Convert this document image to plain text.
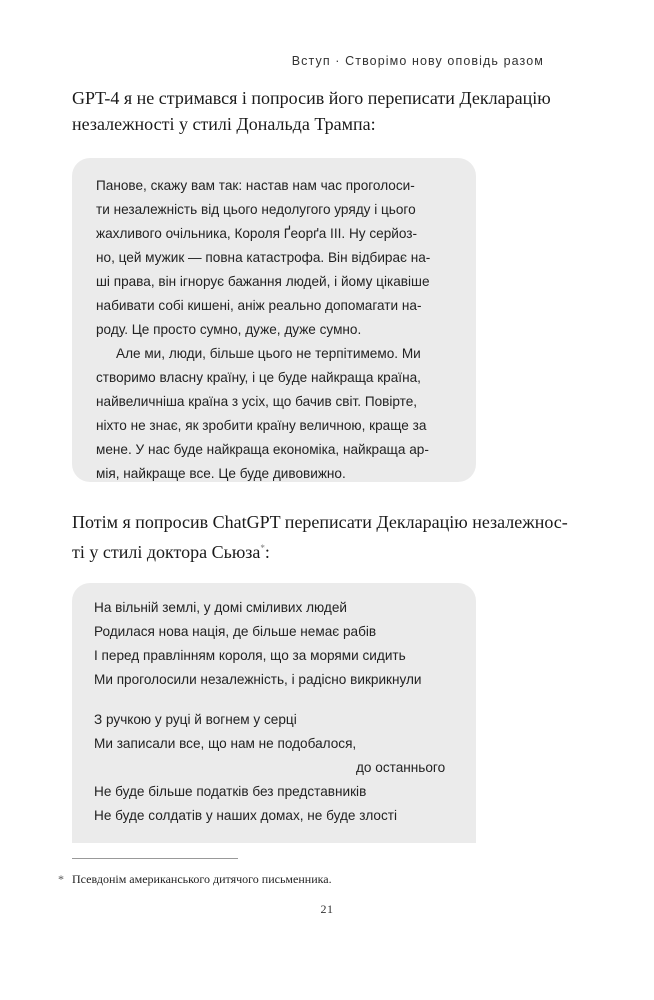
Вступ · Створімо нову оповідь разом
GPT-4 я не стримався і попросив його переписати Декларацію
незалежності у стилі Дональда Трампа:
Панове, скажу вам так: настав нам час проголоси-
ти незалежність від цього недолугого уряду і цього
жахливого очільника, Короля Ґеорґа III. Ну серйоз-
но, цей мужик — повна катастрофа. Він відбирає на-
ші права, він ігнорує бажання людей, і йому цікавіше
набивати собі кишені, аніж реально допомагати на-
роду. Це просто сумно, дуже, дуже сумно.
Але ми, люди, більше цього не терпітимемо. Ми
створимо власну країну, і це буде найкраща країна,
найвеличніша країна з усіх, що бачив світ. Повірте,
ніхто не знає, як зробити країну величною, краще за
мене. У нас буде найкраща економіка, найкраща ар-
мія, найкраще все. Це буде дивовижно.
Потім я попросив ChatGPT переписати Декларацію незалежнос-
ті у стилі доктора Сьюза*:
На вільній землі, у домі сміливих людей
Родилася нова нація, де більше немає рабів
І перед правлінням короля, що за морями сидить
Ми проголосили незалежність, і радісно викрикнули
З ручкою у руці й вогнем у серці
Ми записали все, що нам не подобалося,
до останнього
Не буде більше податків без представників
Не буде солдатів у наших домах, не буде злості
* Псевдонім американського дитячого письменника.
21
